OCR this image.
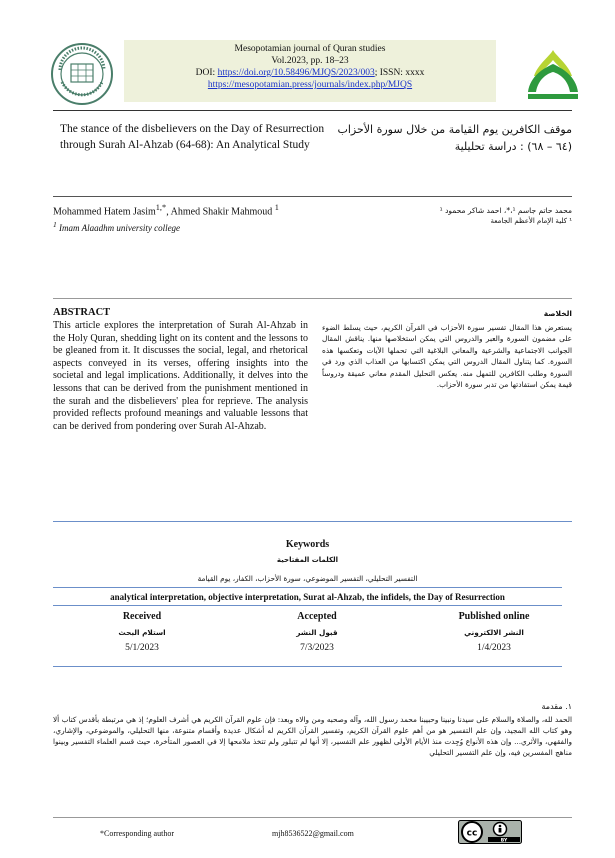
Mesopotamian journal of Quran studies
Vol.2023, pp. 18–23
DOI: https://doi.org/10.58496/MJQS/2023/003; ISSN: xxxx
https://mesopotamian.press/journals/index.php/MJQS
The stance of the disbelievers on the Day of Resurrection through Surah Al-Ahzab (64-68): An Analytical Study
موقف الكافرين يوم القيامة من خلال سورة الأحزاب (٦٤ – ٦٨) : دراسة تحليلية
Mohammed Hatem Jasim$^{1,*}$, Ahmed Shakir Mahmoud $^1$
$^1$ Imam Alaadhm university college
محمد حاتم جاسم ¹،*، احمد شاكر محمود ¹
¹ كلية الإمام الأعظم الجامعة
ABSTRACT
This article explores the interpretation of Surah Al-Ahzab in the Holy Quran, shedding light on its content and the lessons to be gleaned from it. It discusses the social, legal, and rhetorical aspects conveyed in its verses, offering insights into the societal and legal implications. Additionally, it delves into the lessons that can be derived from the punishment mentioned in the surah and the disbelievers' plea for reprieve. The analysis provided reflects profound meanings and valuable lessons that can be derived from pondering over Surah Al-Ahzab.
الخلاصة
يستعرض هذا المقال تفسير سورة الأحزاب في القرآن الكريم، حيث يسلط الضوء على مضمون السورة والعبر والدروس التي يمكن استخلاصها منها. يناقش المقال الجوانب الاجتماعية والشرعية والمعاني البلاغية التي تحملها الآيات وتعكسها هذه السورة. كما يتناول المقال الدروس التي يمكن اكتسابها من العذاب الذي ورد في السورة وطلب الكافرين للتمهل منه. يعكس التحليل المقدم معاني عميقة ودروساً قيمة يمكن استفادتها من تدبر سورة الأحزاب.
Keywords
الكلمات المفتاحية
التفسير التحليلي، التفسير الموضوعي، سورة الأحزاب، الكفار، يوم القيامة
analytical interpretation, objective interpretation, Surat al-Ahzab, the infidels, the Day of Resurrection
Received
استلام البحث
5/1/2023
Accepted
قبول النشر
7/3/2023
Published online
النشر الالكتروني
1/4/2023
١. مقدمة
الحمد لله، والصلاة والسلام على سيدنا ونبينا وحبيبنا محمد رسول الله، وآله وصحبه ومن والاه وبعد: فإن علوم القرآن الكريم هي أشرف العلوم؛ إذ هي مرتبطة بأقدس كتاب ألا وهو كتاب الله المجيد، وإن علم التفسير هو من أهم علوم القرآن الكريم، وتفسير القرآن الكريم له أشكال عديدة وأقسام متنوعة، منها التحليلي، والموضوعي، والإشاري، والفقهي، والأثري... وإن هذه الأنواع وُجِدت منذ الأيام الأولى لظهور علم التفسير، إلا أنها لم تتبلور ولم تتخذ ملامحها إلا في العصور المتأخرة، حيث قسم العلماء التفسير وبينوا مناهج المفسرين فيه، وإن علم التفسير التحليلي
*Corresponding author	mjh8536522@gmail.com	cc
BY
